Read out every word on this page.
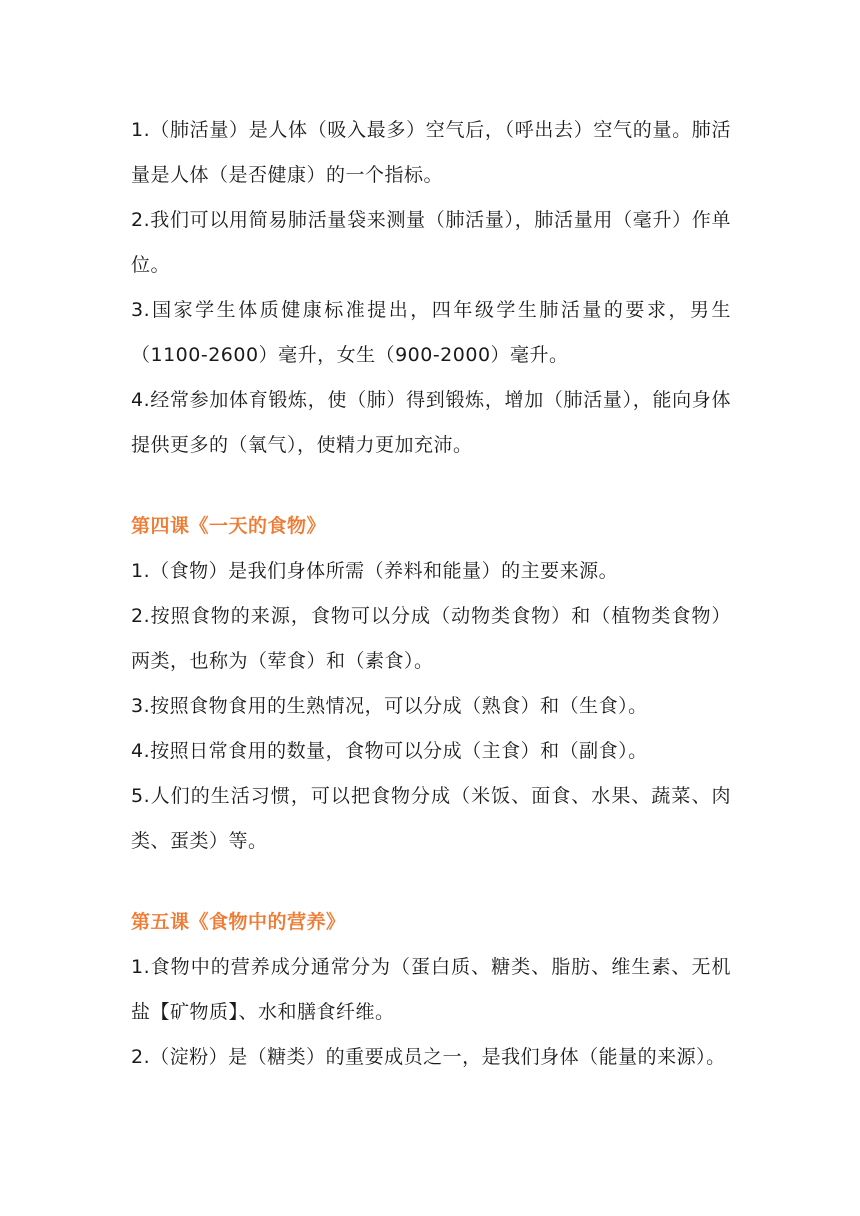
1.（肺活量）是人体（吸入最多）空气后，（呼出去）空气的量。肺活量是人体（是否健康）的一个指标。

2.我们可以用简易肺活量袋来测量（肺活量），肺活量用（毫升）作单位。

3.国家学生体质健康标准提出，四年级学生肺活量的要求，男生（1100-2600）毫升，女生（900-2000）毫升。

4.经常参加体育锻炼，使（肺）得到锻炼，增加（肺活量），能向身体提供更多的（氧气），使精力更加充沛。

第四课《一天的食物》

1.（食物）是我们身体所需（养料和能量）的主要来源。

2.按照食物的来源，食物可以分成（动物类食物）和（植物类食物）两类，也称为（荤食）和（素食）。

3.按照食物食用的生熟情况，可以分成（熟食）和（生食）。

4.按照日常食用的数量，食物可以分成（主食）和（副食）。

5.人们的生活习惯，可以把食物分成（米饭、面食、水果、蔬菜、肉类、蛋类）等。

第五课《食物中的营养》

1.食物中的营养成分通常分为（蛋白质、糖类、脂肪、维生素、无机盐【矿物质】、水和膳食纤维。

2.（淀粉）是（糖类）的重要成员之一，是我们身体（能量的来源）。
